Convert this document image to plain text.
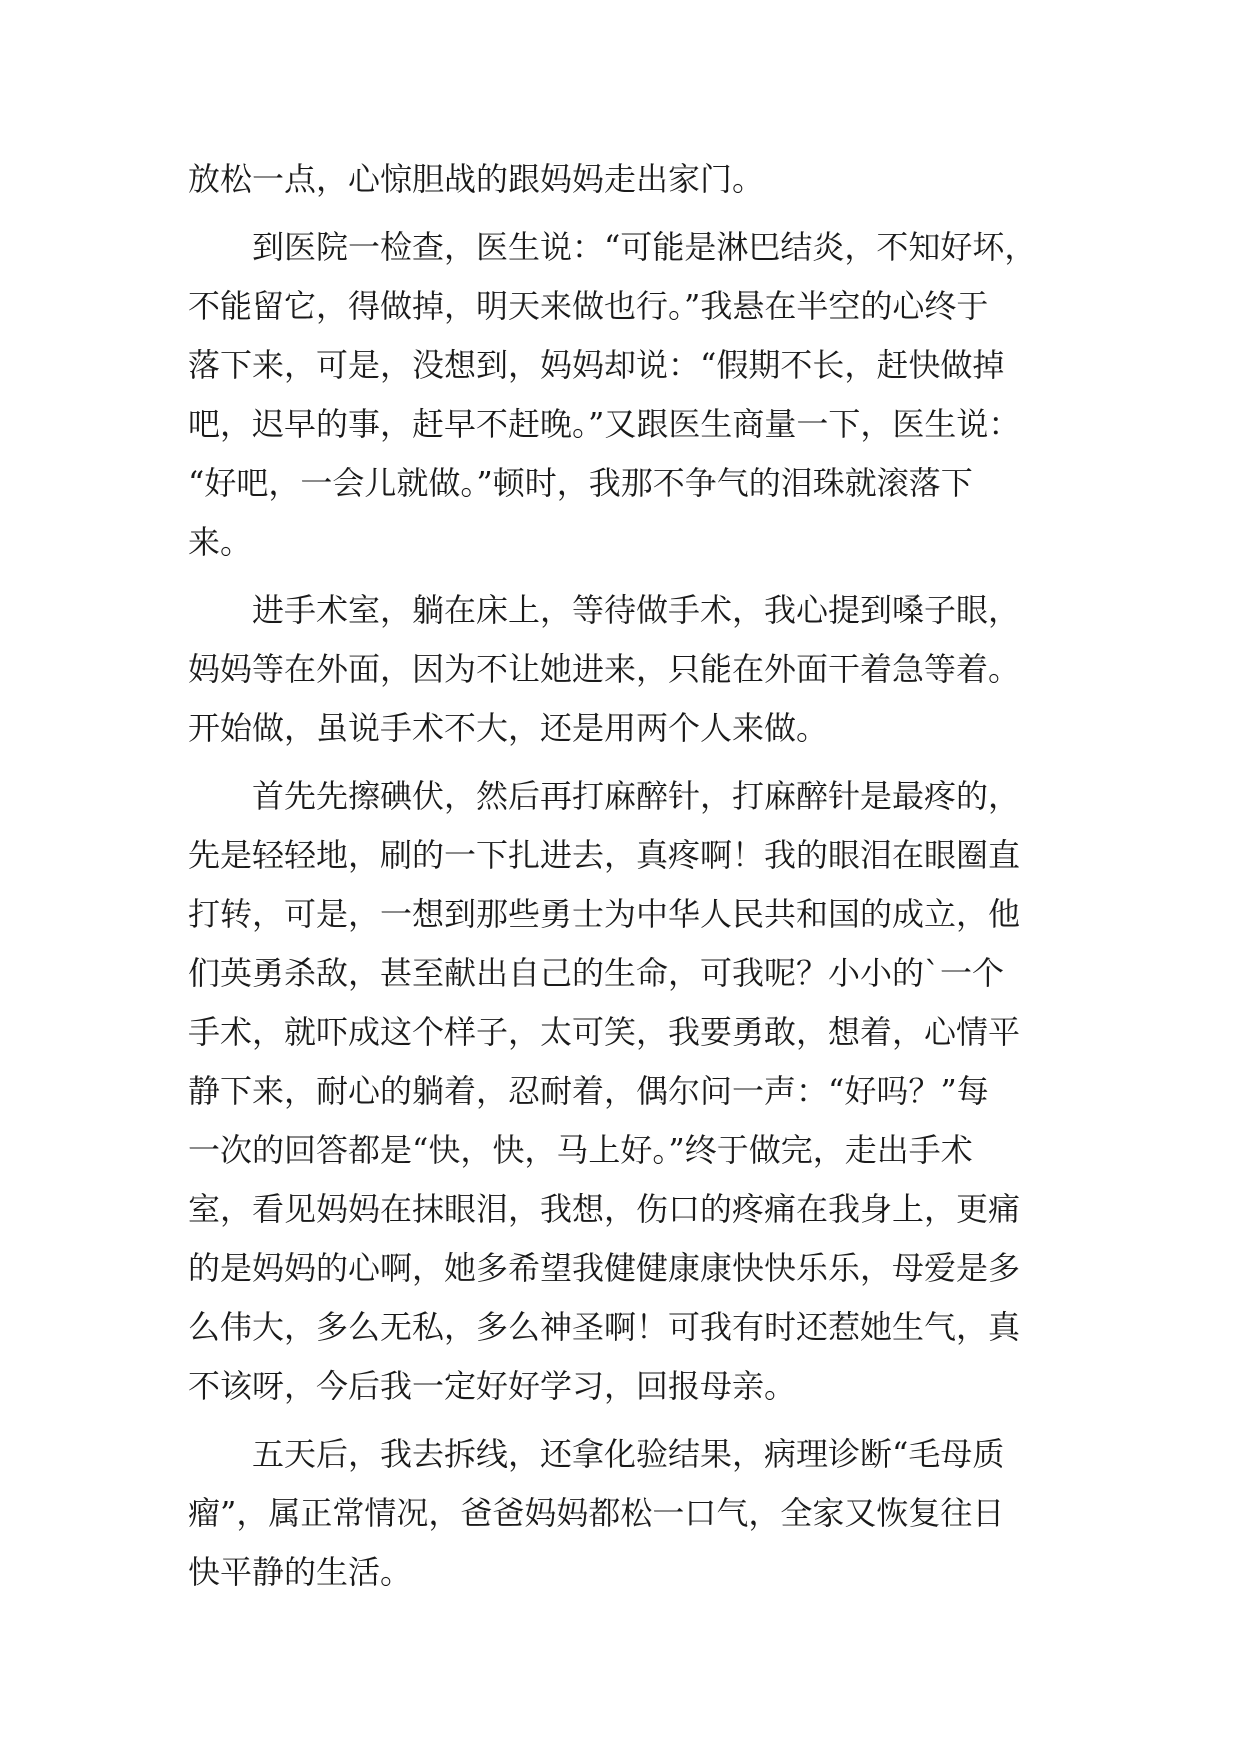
放松一点，心惊胆战的跟妈妈走出家门。
　　到医院一检查，医生说：“可能是淋巴结炎，不知好坏，
不能留它，得做掉，明天来做也行。”我悬在半空的心终于
落下来，可是，没想到，妈妈却说：“假期不长，赶快做掉
吧，迟早的事，赶早不赶晚。”又跟医生商量一下，医生说：
“好吧，一会儿就做。”顿时，我那不争气的泪珠就滚落下
来。
　　进手术室，躺在床上，等待做手术，我心提到嗓子眼，
妈妈等在外面，因为不让她进来，只能在外面干着急等着。
开始做，虽说手术不大，还是用两个人来做。
　　首先先擦碘伏，然后再打麻醉针，打麻醉针是最疼的，
先是轻轻地，刷的一下扎进去，真疼啊！我的眼泪在眼圈直
打转，可是，一想到那些勇士为中华人民共和国的成立，他
们英勇杀敌，甚至献出自己的生命，可我呢？小小的`一个
手术，就吓成这个样子，太可笑，我要勇敢，想着，心情平
静下来，耐心的躺着，忍耐着，偶尔问一声：“好吗？”每
一次的回答都是“快，快，马上好。”终于做完，走出手术
室，看见妈妈在抹眼泪，我想，伤口的疼痛在我身上，更痛
的是妈妈的心啊，她多希望我健健康康快快乐乐，母爱是多
么伟大，多么无私，多么神圣啊！可我有时还惹她生气，真
不该呀，今后我一定好好学习，回报母亲。
　　五天后，我去拆线，还拿化验结果，病理诊断“毛母质
瘤”，属正常情况，爸爸妈妈都松一口气，全家又恢复往日
快平静的生活。
